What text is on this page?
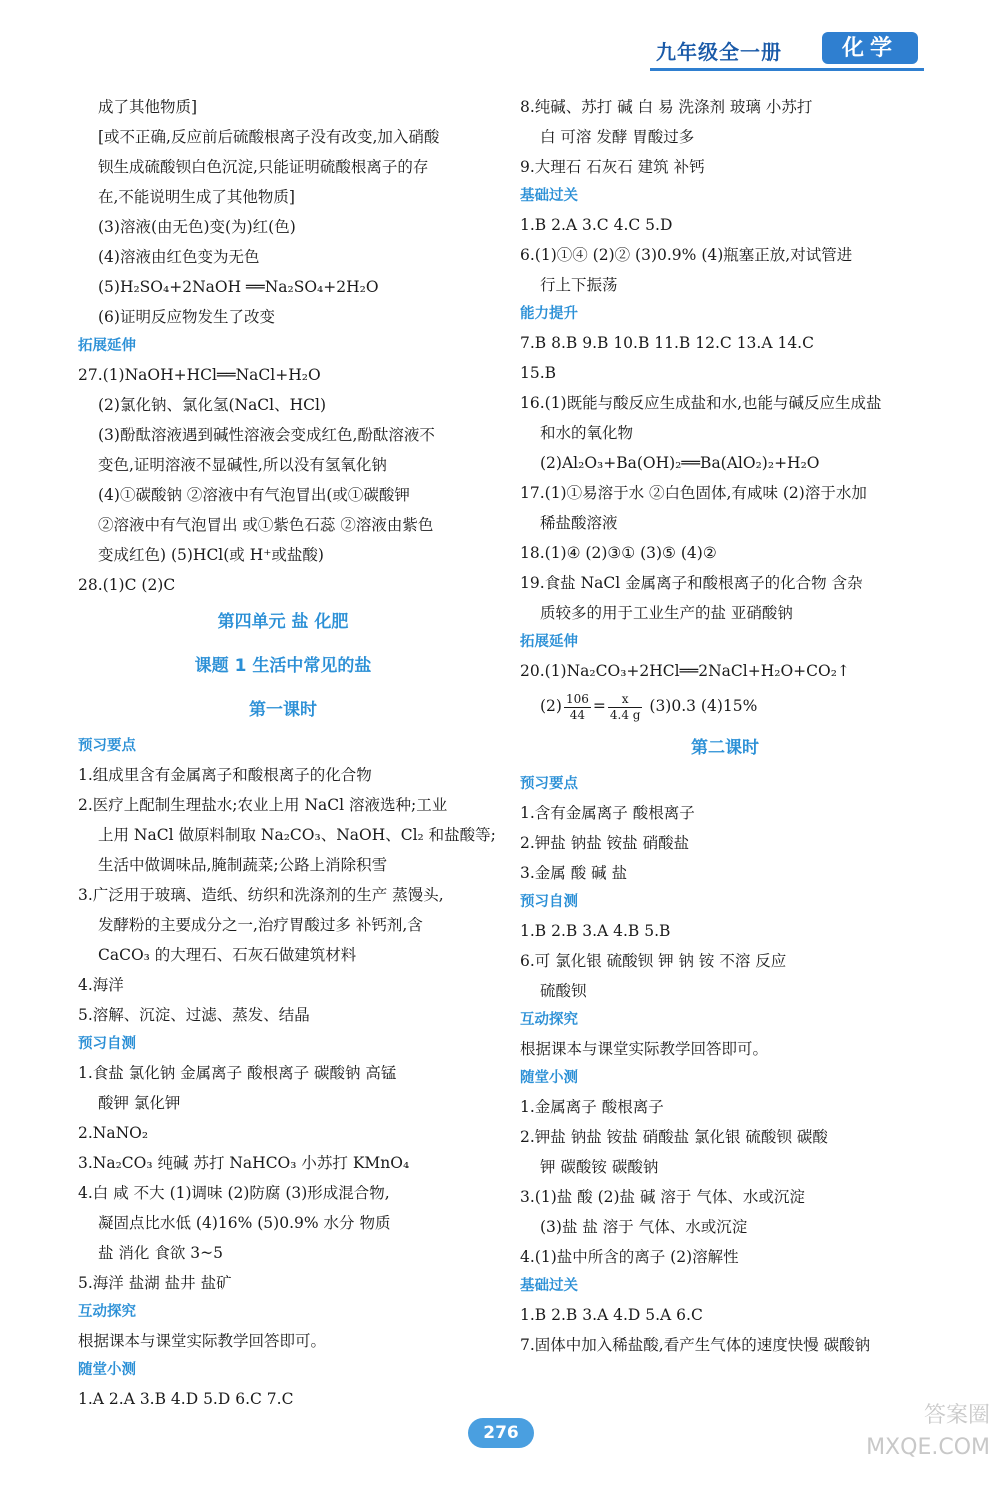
九年级全一册	化学
成了其他物质]
[或不正确,反应前后硫酸根离子没有改变,加入硝酸
钡生成硫酸钡白色沉淀,只能证明硫酸根离子的存
在,不能说明生成了其他物质]
(3)溶液(由无色)变(为)红(色)
(4)溶液由红色变为无色
(5)H₂SO₄+2NaOH ══Na₂SO₄+2H₂O
(6)证明反应物发生了改变
拓展延伸
27.(1)NaOH+HCl══NaCl+H₂O
(2)氯化钠、氯化氢(NaCl、HCl)
(3)酚酞溶液遇到碱性溶液会变成红色,酚酞溶液不
变色,证明溶液不显碱性,所以没有氢氧化钠
(4)①碳酸钠 ②溶液中有气泡冒出(或①碳酸钾
②溶液中有气泡冒出 或①紫色石蕊 ②溶液由紫色
变成红色) (5)HCl(或 H⁺或盐酸)
28.(1)C (2)C
第四单元 盐 化肥
课题 1 生活中常见的盐
第一课时
预习要点
1.组成里含有金属离子和酸根离子的化合物
2.医疗上配制生理盐水;农业上用 NaCl 溶液选种;工业
上用 NaCl 做原料制取 Na₂CO₃、NaOH、Cl₂ 和盐酸等;
生活中做调味品,腌制蔬菜;公路上消除积雪
3.广泛用于玻璃、造纸、纺织和洗涤剂的生产 蒸馒头,
发酵粉的主要成分之一,治疗胃酸过多 补钙剂,含
CaCO₃ 的大理石、石灰石做建筑材料
4.海洋
5.溶解、沉淀、过滤、蒸发、结晶
预习自测
1.食盐 氯化钠 金属离子 酸根离子 碳酸钠 高锰
酸钾 氯化钾
2.NaNO₂
3.Na₂CO₃ 纯碱 苏打 NaHCO₃ 小苏打 KMnO₄
4.白 咸 不大 (1)调味 (2)防腐 (3)形成混合物,
凝固点比水低 (4)16% (5)0.9% 水分 物质
盐 消化 食欲 3~5
5.海洋 盐湖 盐井 盐矿
互动探究
根据课本与课堂实际教学回答即可。
随堂小测
1.A 2.A 3.B 4.D 5.D 6.C 7.C
8.纯碱、苏打 碱 白 易 洗涤剂 玻璃 小苏打
白 可溶 发酵 胃酸过多
9.大理石 石灰石 建筑 补钙
基础过关
1.B 2.A 3.C 4.C 5.D
6.(1)①④ (2)② (3)0.9% (4)瓶塞正放,对试管进
行上下振荡
能力提升
7.B 8.B 9.B 10.B 11.B 12.C 13.A 14.C
15.B
16.(1)既能与酸反应生成盐和水,也能与碱反应生成盐
和水的氧化物
(2)Al₂O₃+Ba(OH)₂══Ba(AlO₂)₂+H₂O
17.(1)①易溶于水 ②白色固体,有咸味 (2)溶于水加
稀盐酸溶液
18.(1)④ (2)③① (3)⑤ (4)②
19.食盐 NaCl 金属离子和酸根离子的化合物 含杂
质较多的用于工业生产的盐 亚硝酸钠
拓展延伸
20.(1)Na₂CO₃+2HCl══2NaCl+H₂O+CO₂↑
$(2) \frac{106}{44} = \frac{x}{4.4 g} (3)0.3$ (4)15%
第二课时
预习要点
1.含有金属离子 酸根离子
2.钾盐 钠盐 铵盐 硝酸盐
3.金属 酸 碱 盐
预习自测
1.B 2.B 3.A 4.B 5.B
6.可 氯化银 硫酸钡 钾 钠 铵 不溶 反应
硫酸钡
互动探究
根据课本与课堂实际教学回答即可。
随堂小测
1.金属离子 酸根离子
2.钾盐 钠盐 铵盐 硝酸盐 氯化银 硫酸钡 碳酸
钾 碳酸铵 碳酸钠
3.(1)盐 酸 (2)盐 碱 溶于 气体、水或沉淀
(3)盐 盐 溶于 气体、水或沉淀
4.(1)盐中所含的离子 (2)溶解性
基础过关
1.B 2.B 3.A 4.D 5.A 6.C
7.固体中加入稀盐酸,看产生气体的速度快慢 碳酸钠
276
答案圈
MXQE.COM
